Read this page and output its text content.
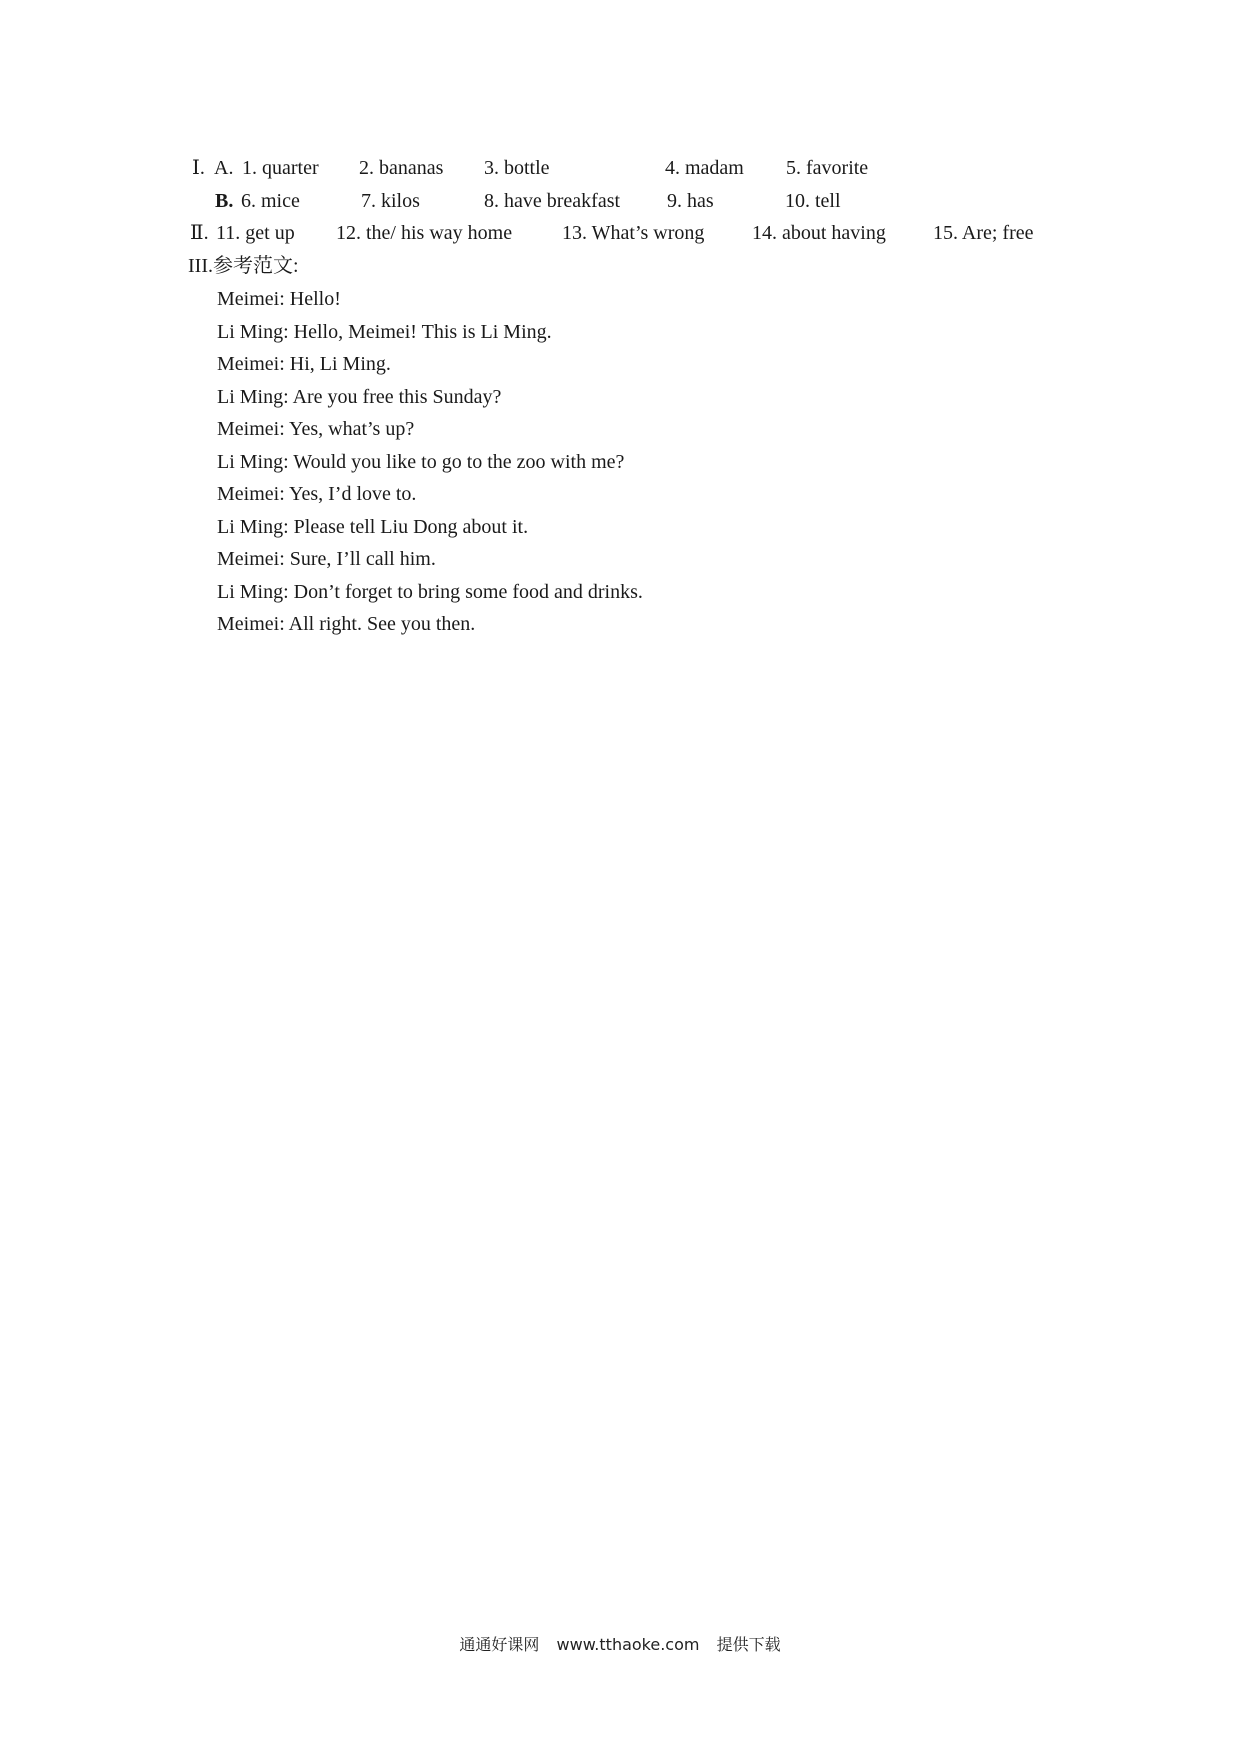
Ⅰ. A. 1. quarter 2. bananas 3. bottle	4. madam 5. favorite
B. 6. mice	7. kilos	8. have breakfast 9. has	10. tell
Ⅱ. 11. get up 12. the/ his way home 13. What’s wrong 14. about having 15. Are; free
III.参考范文:
Meimei: Hello!
Li Ming: Hello, Meimei! This is Li Ming.
Meimei: Hi, Li Ming.
Li Ming: Are you free this Sunday?
Meimei: Yes, what’s up?
Li Ming: Would you like to go to the zoo with me?
Meimei: Yes, I’d love to.
Li Ming: Please tell Liu Dong about it.
Meimei: Sure, I’ll call him.
Li Ming: Don’t forget to bring some food and drinks.
Meimei: All right. See you then.
通通好课网 www.tthaoke.com 提供下载
